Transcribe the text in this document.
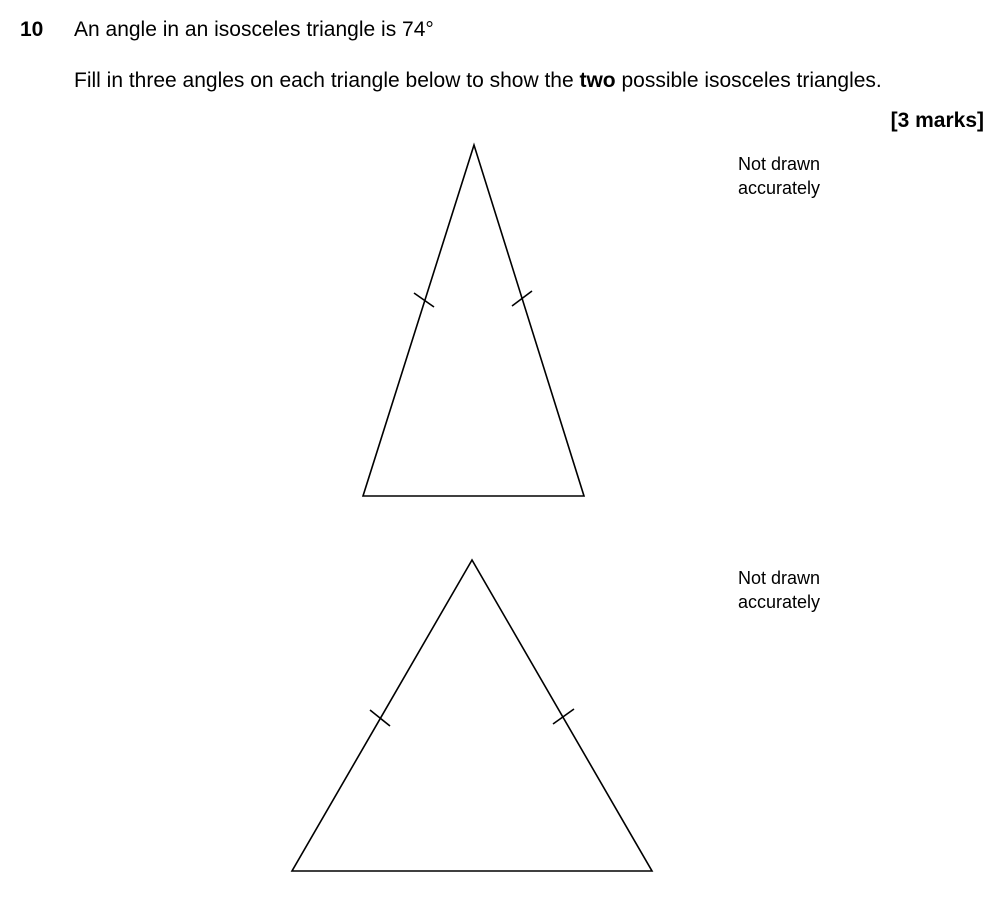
10 An angle in an isosceles triangle is 74°
Fill in three angles on each triangle below to show the two possible isosceles triangles.
[3 marks]
Not drawn
accurately
Not drawn
accurately
